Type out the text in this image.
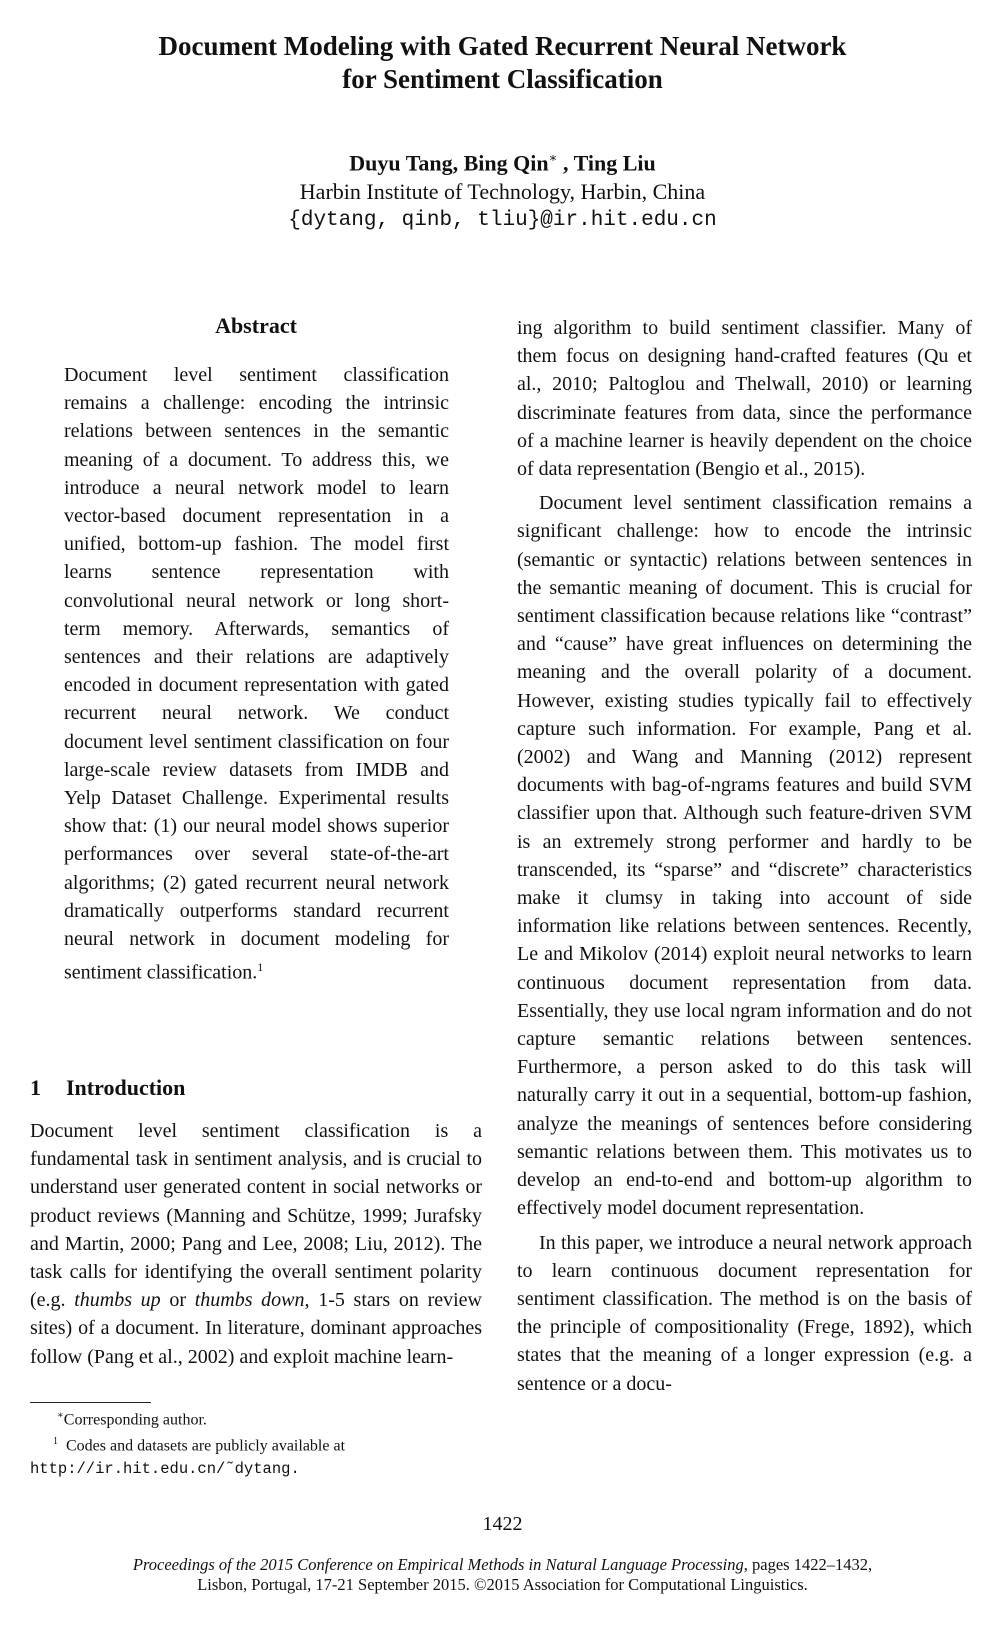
Document Modeling with Gated Recurrent Neural Network
for Sentiment Classification
Duyu Tang, Bing Qin∗ , Ting Liu
Harbin Institute of Technology, Harbin, China
{dytang, qinb, tliu}@ir.hit.edu.cn
Abstract
Document level sentiment classification remains a challenge: encoding the intrinsic relations between sentences in the semantic meaning of a document. To address this, we introduce a neural network model to learn vector-based document representation in a unified, bottom-up fashion. The model first learns sentence representation with convolutional neural network or long short-term memory. Afterwards, semantics of sentences and their relations are adaptively encoded in document representation with gated recurrent neural network. We conduct document level sentiment classification on four large-scale review datasets from IMDB and Yelp Dataset Challenge. Experimental results show that: (1) our neural model shows superior performances over several state-of-the-art algorithms; (2) gated recurrent neural network dramatically outperforms standard recurrent neural network in document modeling for sentiment classification.$^1$
1 Introduction
Document level sentiment classification is a fundamental task in sentiment analysis, and is crucial to understand user generated content in social networks or product reviews (Manning and Schütze, 1999; Jurafsky and Martin, 2000; Pang and Lee, 2008; Liu, 2012). The task calls for identifying the overall sentiment polarity (e.g. thumbs up or thumbs down, 1-5 stars on review sites) of a document. In literature, dominant approaches follow (Pang et al., 2002) and exploit machine learn-
∗Corresponding author.
$^1$ Codes and datasets are publicly available at
http://ir.hit.edu.cn/˜dytang.

ing algorithm to build sentiment classifier. Many of them focus on designing hand-crafted features (Qu et al., 2010; Paltoglou and Thelwall, 2010) or learning discriminate features from data, since the performance of a machine learner is heavily dependent on the choice of data representation (Bengio et al., 2015).

Document level sentiment classification remains a significant challenge: how to encode the intrinsic (semantic or syntactic) relations between sentences in the semantic meaning of document. This is crucial for sentiment classification because relations like “contrast” and “cause” have great influences on determining the meaning and the overall polarity of a document. However, existing studies typically fail to effectively capture such information. For example, Pang et al. (2002) and Wang and Manning (2012) represent documents with bag-of-ngrams features and build SVM classifier upon that. Although such feature-driven SVM is an extremely strong performer and hardly to be transcended, its “sparse” and “discrete” characteristics make it clumsy in taking into account of side information like relations between sentences. Recently, Le and Mikolov (2014) exploit neural networks to learn continuous document representation from data. Essentially, they use local ngram information and do not capture semantic relations between sentences. Furthermore, a person asked to do this task will naturally carry it out in a sequential, bottom-up fashion, analyze the meanings of sentences before considering semantic relations between them. This motivates us to develop an end-to-end and bottom-up algorithm to effectively model document representation.

In this paper, we introduce a neural network approach to learn continuous document representation for sentiment classification. The method is on the basis of the principle of compositionality (Frege, 1892), which states that the meaning of a longer expression (e.g. a sentence or a docu-

1422
Proceedings of the 2015 Conference on Empirical Methods in Natural Language Processing, pages 1422–1432,
Lisbon, Portugal, 17-21 September 2015. ©2015 Association for Computational Linguistics.
